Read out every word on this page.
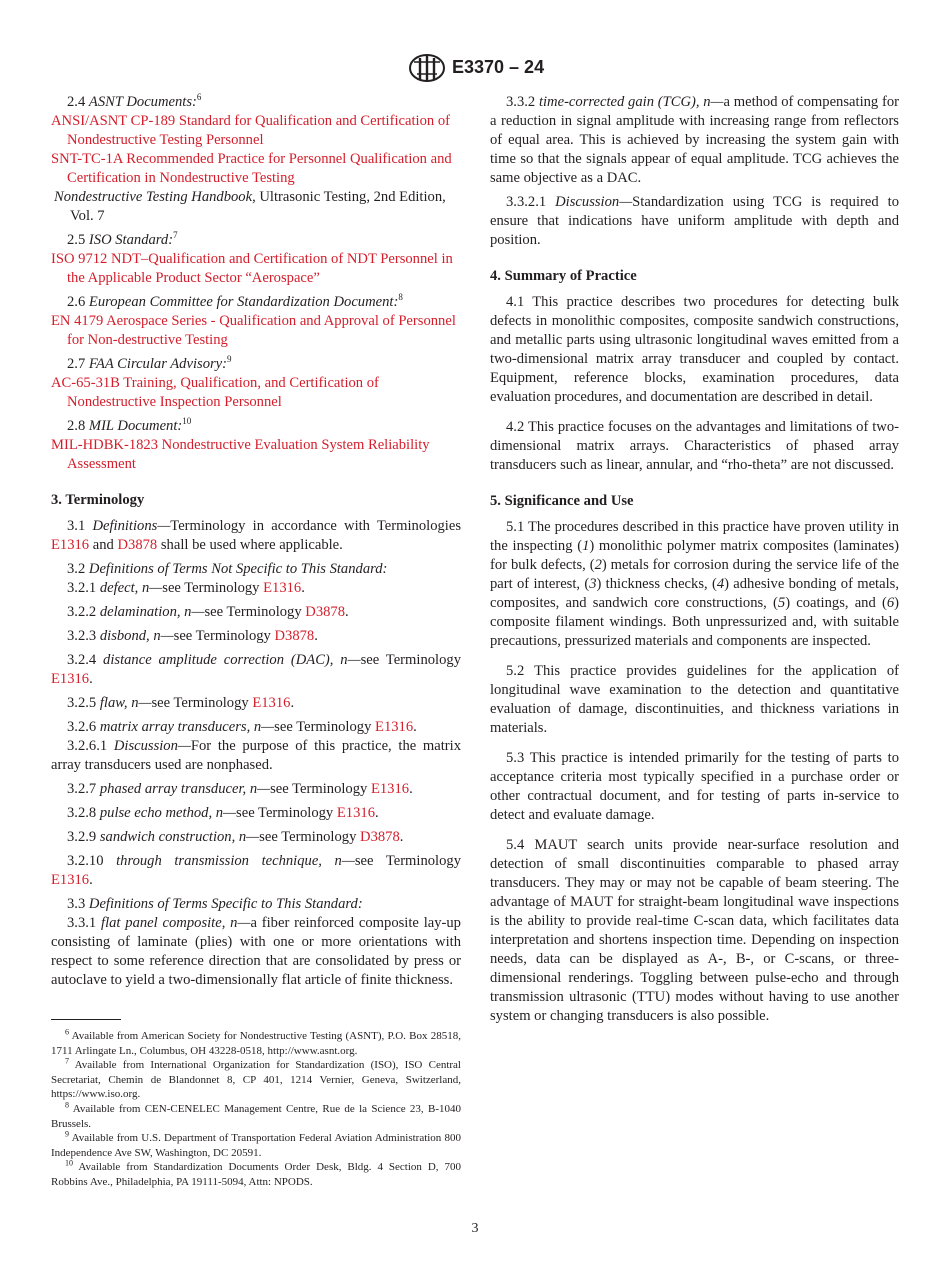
E3370 – 24

2.4 ASNT Documents:$^6$

ANSI/ASNT CP-189 Standard for Qualification and Certification of Nondestructive Testing Personnel

SNT-TC-1A Recommended Practice for Personnel Qualification and Certification in Nondestructive Testing

Nondestructive Testing Handbook, Ultrasonic Testing, 2nd Edition, Vol. 7

2.5 ISO Standard:$^7$

ISO 9712 NDT–Qualification and Certification of NDT Personnel in the Applicable Product Sector “Aerospace”

2.6 European Committee for Standardization Document:$^8$

EN 4179 Aerospace Series - Qualification and Approval of Personnel for Non-destructive Testing

2.7 FAA Circular Advisory:$^9$

AC-65-31B Training, Qualification, and Certification of Nondestructive Inspection Personnel

2.8 MIL Document:$^{10}$

MIL-HDBK-1823 Nondestructive Evaluation System Reliability Assessment

3. Terminology

3.1 Definitions—Terminology in accordance with Terminologies E1316 and D3878 shall be used where applicable.

3.2 Definitions of Terms Not Specific to This Standard:

3.2.1 defect, n—see Terminology E1316.

3.2.2 delamination, n—see Terminology D3878.

3.2.3 disbond, n—see Terminology D3878.

3.2.4 distance amplitude correction (DAC), n—see Terminology E1316.

3.2.5 flaw, n—see Terminology E1316.

3.2.6 matrix array transducers, n—see Terminology E1316.

3.2.6.1 Discussion—For the purpose of this practice, the matrix array transducers used are nonphased.

3.2.7 phased array transducer, n—see Terminology E1316.

3.2.8 pulse echo method, n—see Terminology E1316.

3.2.9 sandwich construction, n—see Terminology D3878.

3.2.10 through transmission technique, n—see Terminology E1316.

3.3 Definitions of Terms Specific to This Standard:

3.3.1 flat panel composite, n—a fiber reinforced composite lay-up consisting of laminate (plies) with one or more orientations with respect to some reference direction that are consolidated by press or autoclave to yield a two-dimensionally flat article of finite thickness.

$^6$ Available from American Society for Nondestructive Testing (ASNT), P.O. Box 28518, 1711 Arlingate Ln., Columbus, OH 43228-0518, http://www.asnt.org.

$^7$ Available from International Organization for Standardization (ISO), ISO Central Secretariat, Chemin de Blandonnet 8, CP 401, 1214 Vernier, Geneva, Switzerland, https://www.iso.org.

$^8$ Available from CEN-CENELEC Management Centre, Rue de la Science 23, B-1040 Brussels.

$^9$ Available from U.S. Department of Transportation Federal Aviation Administration 800 Independence Ave SW, Washington, DC 20591.

$^{10}$ Available from Standardization Documents Order Desk, Bldg. 4 Section D, 700 Robbins Ave., Philadelphia, PA 19111-5094, Attn: NPODS.

3.3.2 time-corrected gain (TCG), n—a method of compensating for a reduction in signal amplitude with increasing range from reflectors of equal area. This is achieved by increasing the system gain with time so that the signals appear of equal amplitude. TCG achieves the same objective as a DAC.

3.3.2.1 Discussion—Standardization using TCG is required to ensure that indications have uniform amplitude with depth and position.

4. Summary of Practice

4.1 This practice describes two procedures for detecting bulk defects in monolithic composites, composite sandwich constructions, and metallic parts using ultrasonic longitudinal waves emitted from a two-dimensional matrix array transducer and coupled by contact. Equipment, reference blocks, examination procedures, data evaluation procedures, and documentation are described in detail.

4.2 This practice focuses on the advantages and limitations of two-dimensional matrix arrays. Characteristics of phased array transducers such as linear, annular, and “rho-theta” are not discussed.

5. Significance and Use

5.1 The procedures described in this practice have proven utility in the inspecting (1) monolithic polymer matrix composites (laminates) for bulk defects, (2) metals for corrosion during the service life of the part of interest, (3) thickness checks, (4) adhesive bonding of metals, composites, and sandwich core constructions, (5) coatings, and (6) composite filament windings. Both unpressurized and, with suitable precautions, pressurized materials and components are inspected.

5.2 This practice provides guidelines for the application of longitudinal wave examination to the detection and quantitative evaluation of damage, discontinuities, and thickness variations in materials.

5.3 This practice is intended primarily for the testing of parts to acceptance criteria most typically specified in a purchase order or other contractual document, and for testing of parts in-service to detect and evaluate damage.

5.4 MAUT search units provide near-surface resolution and detection of small discontinuities comparable to phased array transducers. They may or may not be capable of beam steering. The advantage of MAUT for straight-beam longitudinal wave inspections is the ability to provide real-time C-scan data, which facilitates data interpretation and shortens inspection time. Depending on inspection needs, data can be displayed as A-, B-, or C-scans, or three-dimensional renderings. Toggling between pulse-echo and through transmission ultrasonic (TTU) modes without having to use another system or changing transducers is also possible.

3
